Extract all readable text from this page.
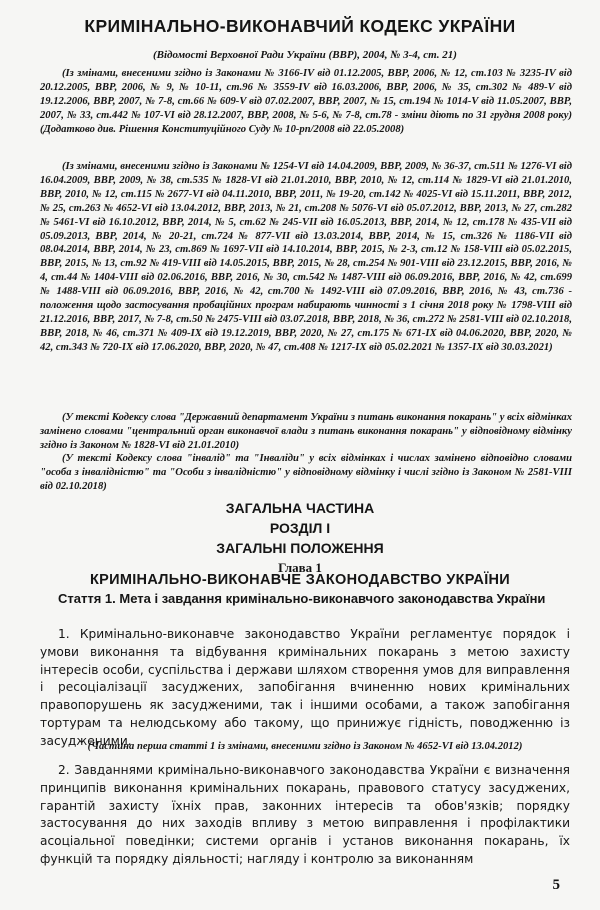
КРИМІНАЛЬНО-ВИКОНАВЧИЙ КОДЕКС УКРАЇНИ
(Відомості Верховної Ради України (ВВР), 2004, № 3-4, ст. 21)
(Із змінами, внесеними згідно із Законами № 3166-IV від 01.12.2005, ВВР, 2006, № 12, ст.103 № 3235-IV від 20.12.2005, ВВР, 2006, № 9, № 10-11, ст.96 № 3559-IV від 16.03.2006, ВВР, 2006, № 35, ст.302 № 489-V від 19.12.2006, ВВР, 2007, № 7-8, ст.66 № 609-V від 07.02.2007, ВВР, 2007, № 15, ст.194 № 1014-V від 11.05.2007, ВВР, 2007, № 33, ст.442 № 107-VI від 28.12.2007, ВВР, 2008, № 5-6, № 7-8, ст.78 - зміни діють по 31 грудня 2008 року)(Додатково див. Рішення Конституційного Суду № 10-рп/2008 від 22.05.2008)
(Із змінами, внесеними згідно із Законами № 1254-VI від 14.04.2009, ВВР, 2009, № 36-37, ст.511 № 1276-VI від 16.04.2009, ВВР, 2009, № 38, ст.535 № 1828-VI від 21.01.2010, ВВР, 2010, № 12, ст.114 № 1829-VI від 21.01.2010, ВВР, 2010, № 12, ст.115 № 2677-VI від 04.11.2010, ВВР, 2011, № 19-20, ст.142 № 4025-VI від 15.11.2011, ВВР, 2012, № 25, ст.263 № 4652-VI від 13.04.2012, ВВР, 2013, № 21, ст.208 № 5076-VI від 05.07.2012, ВВР, 2013, № 27, ст.282 № 5461-VI від 16.10.2012, ВВР, 2014, № 5, ст.62 № 245-VII від 16.05.2013, ВВР, 2014, № 12, ст.178 № 435-VII від 05.09.2013, ВВР, 2014, № 20-21, ст.724 № 877-VII від 13.03.2014, ВВР, 2014, № 15, ст.326 № 1186-VII від 08.04.2014, ВВР, 2014, № 23, ст.869 № 1697-VII від 14.10.2014, ВВР, 2015, № 2-3, ст.12 № 158-VIII від 05.02.2015, ВВР, 2015, № 13, ст.92 № 419-VIII від 14.05.2015, ВВР, 2015, № 28, ст.254 № 901-VIII від 23.12.2015, ВВР, 2016, № 4, ст.44 № 1404-VIII від 02.06.2016, ВВР, 2016, № 30, ст.542 № 1487-VIII від 06.09.2016, ВВР, 2016, № 42, ст.699 № 1488-VIII від 06.09.2016, ВВР, 2016, № 42, ст.700 № 1492-VIII від 07.09.2016, ВВР, 2016, № 43, ст.736 - положення щодо застосування пробаційних програм набирають чинності з 1 січня 2018 року № 1798-VIII від 21.12.2016, ВВР, 2017, № 7-8, ст.50 № 2475-VIII від 03.07.2018, ВВР, 2018, № 36, ст.272 № 2581-VIII від 02.10.2018, ВВР, 2018, № 46, ст.371 № 409-IX від 19.12.2019, ВВР, 2020, № 27, ст.175 № 671-IX від 04.06.2020, ВВР, 2020, № 42, ст.343 № 720-IX від 17.06.2020, ВВР, 2020, № 47, ст.408 № 1217-IX від 05.02.2021 № 1357-IX від 30.03.2021)
(У тексті Кодексу слова "Державний департамент України з питань виконання покарань" у всіх відмінках замінено словами "центральний орган виконавчої влади з питань виконання покарань" у відповідному відмінку згідно із Законом № 1828-VI від 21.01.2010)
(У тексті Кодексу слова "інвалід" та "Інваліди" у всіх відмінках і числах замінено відповідно словами "особа з інвалідністю" та "Особи з інвалідністю" у відповідному відмінку і числі згідно із Законом № 2581-VIII від 02.10.2018)
ЗАГАЛЬНА ЧАСТИНА
РОЗДІЛ І
ЗАГАЛЬНІ ПОЛОЖЕННЯ
Глава 1
КРИМІНАЛЬНО-ВИКОНАВЧЕ ЗАКОНОДАВСТВО УКРАЇНИ
Стаття 1. Мета і завдання кримінально-виконавчого законодавства України
1. Кримінально-виконавче законодавство України регламентує порядок і умови виконання та відбування кримінальних покарань з метою захисту інтересів особи, суспільства і держави шляхом створення умов для виправлення і ресоціалізації засуджених, запобігання вчиненню нових кримінальних правопорушень як засудженими, так і іншими особами, а також запобігання тортурам та нелюдському або такому, що принижує гідність, поводженню із засудженими.
(Частина перша статті 1 із змінами, внесеними згідно із Законом № 4652-VI від 13.04.2012)
2. Завданнями кримінально-виконавчого законодавства України є визначення принципів виконання кримінальних покарань, правового статусу засуджених, гарантій захисту їхніх прав, законних інтересів та обов'язків; порядку застосування до них заходів впливу з метою виправлення і профілактики асоціальної поведінки; системи органів і установ виконання покарань, їх функцій та порядку діяльності; нагляду і контролю за виконанням
5
